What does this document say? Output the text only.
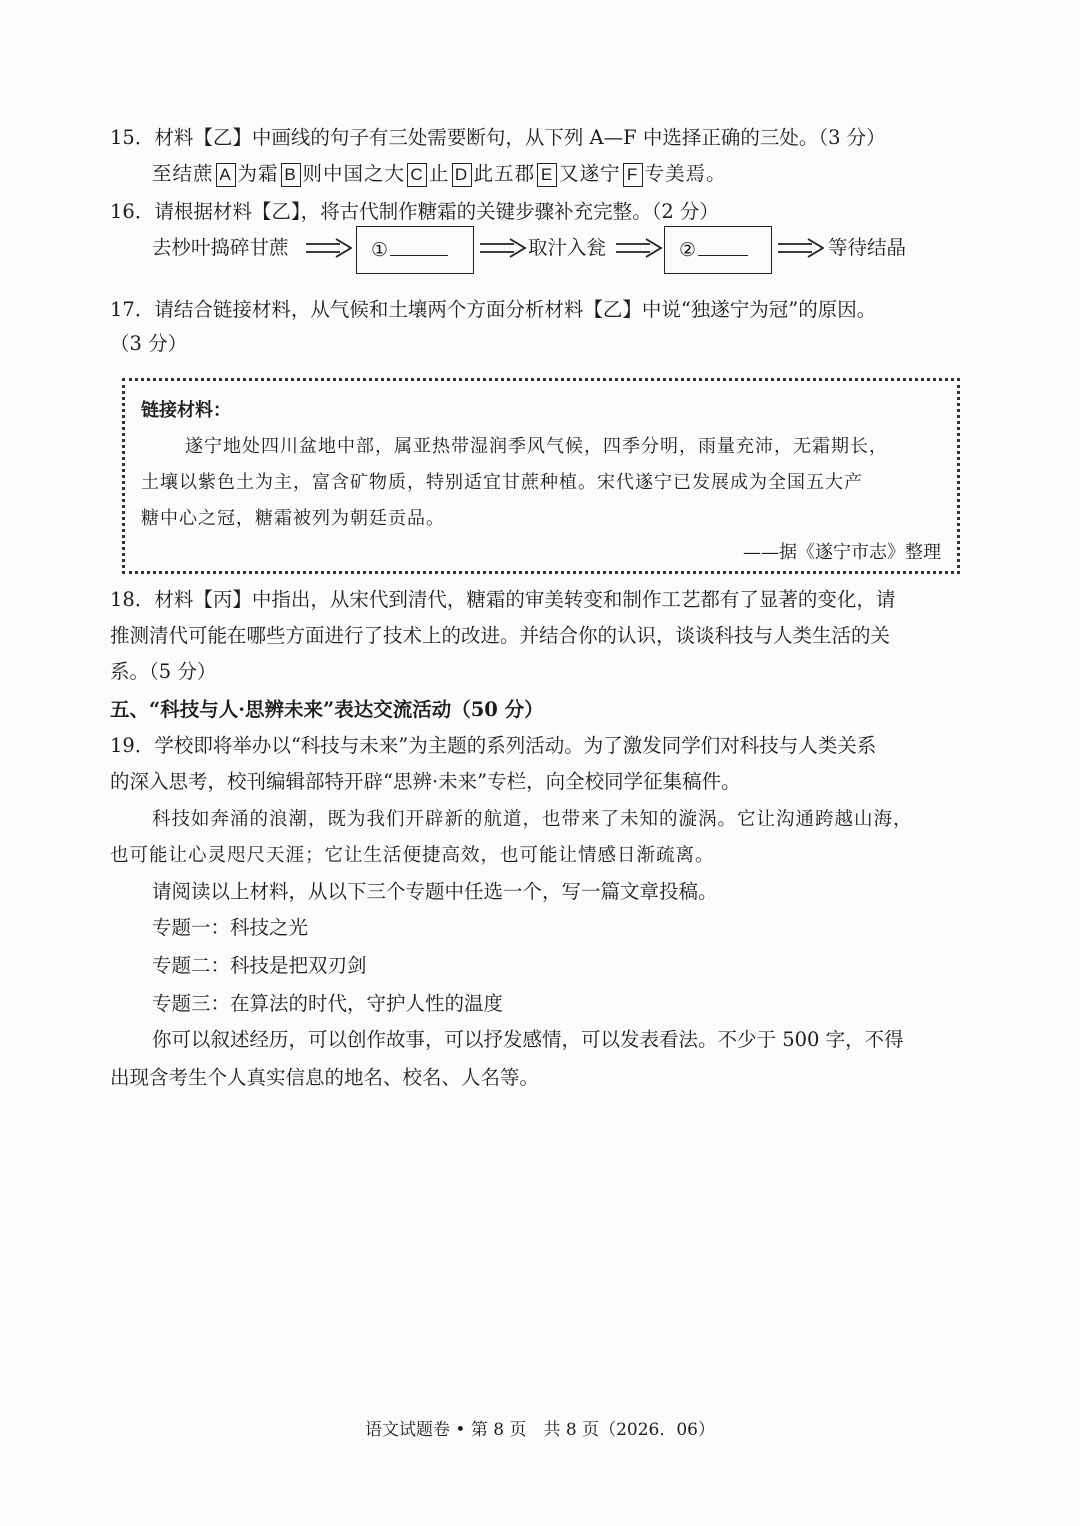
15．材料【乙】中画线的句子有三处需要断句，从下列 A—F 中选择正确的三处。（3 分）
至结蔗 A 为霜 B 则中国之大 C 止 D 此五郡 E 又遂宁 F 专美焉。
16．请根据材料【乙】，将古代制作糖霜的关键步骤补充完整。（2 分）
去杪叶捣碎甘蔗	①	取汁入瓮	②	等待结晶
17．请结合链接材料，从气候和土壤两个方面分析材料【乙】中说“独遂宁为冠”的原因。
（3 分）
链接材料：
遂宁地处四川盆地中部，属亚热带湿润季风气候，四季分明，雨量充沛，无霜期长，
土壤以紫色土为主，富含矿物质，特别适宜甘蔗种植。宋代遂宁已发展成为全国五大产
糖中心之冠，糖霜被列为朝廷贡品。
——据《遂宁市志》整理
18．材料【丙】中指出，从宋代到清代，糖霜的审美转变和制作工艺都有了显著的变化，请
推测清代可能在哪些方面进行了技术上的改进。并结合你的认识，谈谈科技与人类生活的关
系。（5 分）
五、“科技与人·思辨未来”表达交流活动（50 分）
19．学校即将举办以“科技与未来”为主题的系列活动。为了激发同学们对科技与人类关系
的深入思考，校刊编辑部特开辟“思辨·未来”专栏，向全校同学征集稿件。
科技如奔涌的浪潮，既为我们开辟新的航道，也带来了未知的漩涡。它让沟通跨越山海，
也可能让心灵咫尺天涯；它让生活便捷高效，也可能让情感日渐疏离。
请阅读以上材料，从以下三个专题中任选一个，写一篇文章投稿。
专题一：科技之光
专题二：科技是把双刃剑
专题三：在算法的时代，守护人性的温度
你可以叙述经历，可以创作故事，可以抒发感情，可以发表看法。不少于 500 字，不得
出现含考生个人真实信息的地名、校名、人名等。
语文试题卷 • 第 8 页　共 8 页（2026．06）
